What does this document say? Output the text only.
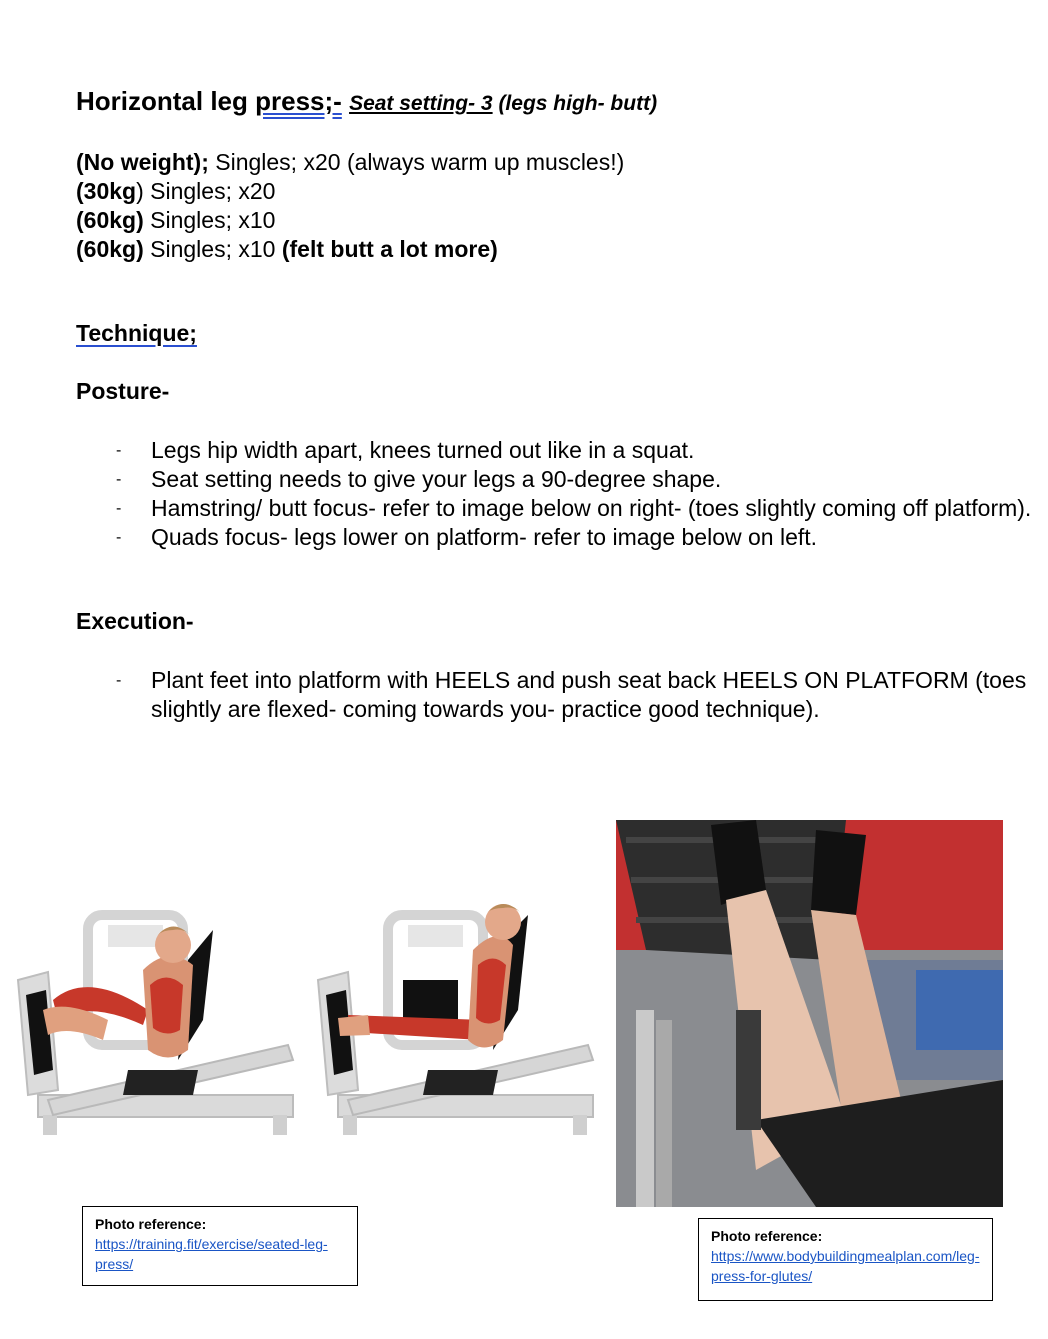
Horizontal leg press;- Seat setting- 3 (legs high- butt)
(No weight); Singles; x20 (always warm up muscles!)
(30kg) Singles; x20
(60kg) Singles; x10
(60kg) Singles; x10 (felt butt a lot more)
Technique;
Posture-
- Legs hip width apart, knees turned out like in a squat.
- Seat setting needs to give your legs a 90-degree shape.
- Hamstring/ butt focus- refer to image below on right- (toes slightly coming off platform).
- Quads focus- legs lower on platform- refer to image below on left.
Execution-
- Plant feet into platform with HEELS and push seat back HEELS ON PLATFORM (toes slightly are flexed- coming towards you- practice good technique).
Photo reference:
https://training.fit/exercise/seated-leg-press/
Photo reference:
https://www.bodybuildingmealplan.com/leg-press-for-glutes/
